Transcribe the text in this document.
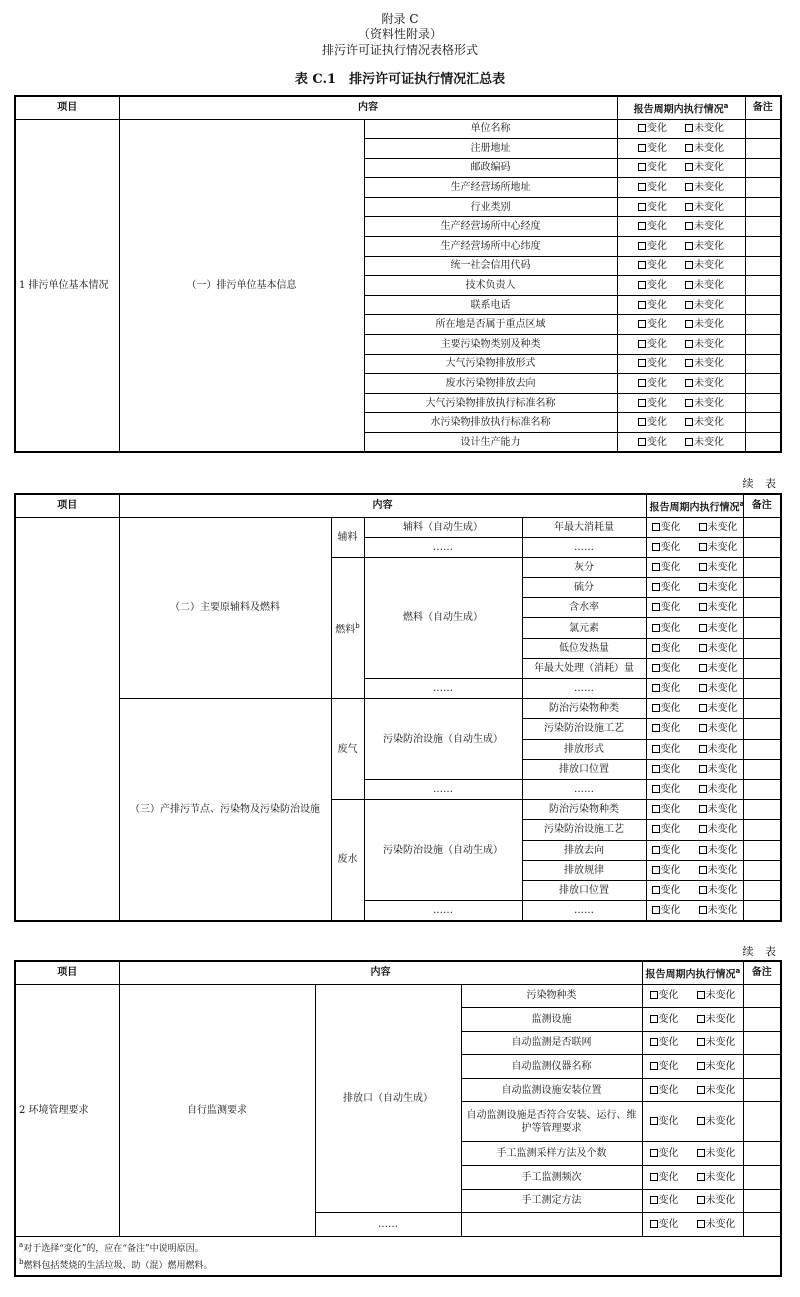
附录 C
（资料性附录）
排污许可证执行情况表格形式
表 C.1　排污许可证执行情况汇总表
项目	内容		报告周期内执行情况$^a$	备注
1 排污单位基本情况	（一）排污单位基本信息	单位名称	变化 未变化	
		注册地址	变化 未变化	
		邮政编码	变化 未变化	
		生产经营场所地址	变化 未变化	
		行业类别	变化 未变化	
		生产经营场所中心经度	变化 未变化	
		生产经营场所中心纬度	变化 未变化	
		统一社会信用代码	变化 未变化	
		技术负责人	变化 未变化	
		联系电话	变化 未变化	
		所在地是否属于重点区域	变化 未变化	
		主要污染物类别及种类	变化 未变化	
		大气污染物排放形式	变化 未变化	
		废水污染物排放去向	变化 未变化	
		大气污染物排放执行标准名称	变化 未变化	
		水污染物排放执行标准名称	变化 未变化	
		设计生产能力	变化 未变化	
续 表
项目	内容				报告周期内执行情况$^a$	备注
	（二）主要原辅料及燃料	辅料	辅料（自动生成）	年最大消耗量	变化 未变化	
			……	……	变化 未变化	
		燃料$^b$	燃料（自动生成）	灰分	变化 未变化	
				硫分	变化 未变化	
				含水率	变化 未变化	
				氯元素	变化 未变化	
				低位发热量	变化 未变化	
				年最大处理（消耗）量	变化 未变化	
			……	……	变化 未变化	
	（三）产排污节点、污染物及污染防治设施	废气	污染防治设施（自动生成）	防治污染物种类	变化 未变化	
				污染防治设施工艺	变化 未变化	
				排放形式	变化 未变化	
				排放口位置	变化 未变化	
			……	……	变化 未变化	
		废水	污染防治设施（自动生成）	防治污染物种类	变化 未变化	
				污染防治设施工艺	变化 未变化	
				排放去向	变化 未变化	
				排放规律	变化 未变化	
				排放口位置	变化 未变化	
			……	……	变化 未变化	
续 表
项目	内容			报告周期内执行情况$^a$	备注
2 环境管理要求	自行监测要求	排放口（自动生成）	污染物种类	变化 未变化	
			监测设施	变化 未变化	
			自动监测是否联网	变化 未变化	
			自动监测仪器名称	变化 未变化	
			自动监测设施安装位置	变化 未变化	
			自动监测设施是否符合安装、运行、维护等管理要求	变化 未变化	
			手工监测采样方法及个数	变化 未变化	
			手工监测频次	变化 未变化	
			手工测定方法	变化 未变化	
		……		变化 未变化	

$^a$对于选择“变化”的，应在“备注”中说明原因。
$^b$燃料包括焚烧的生活垃圾、助（混）燃用燃料。					
